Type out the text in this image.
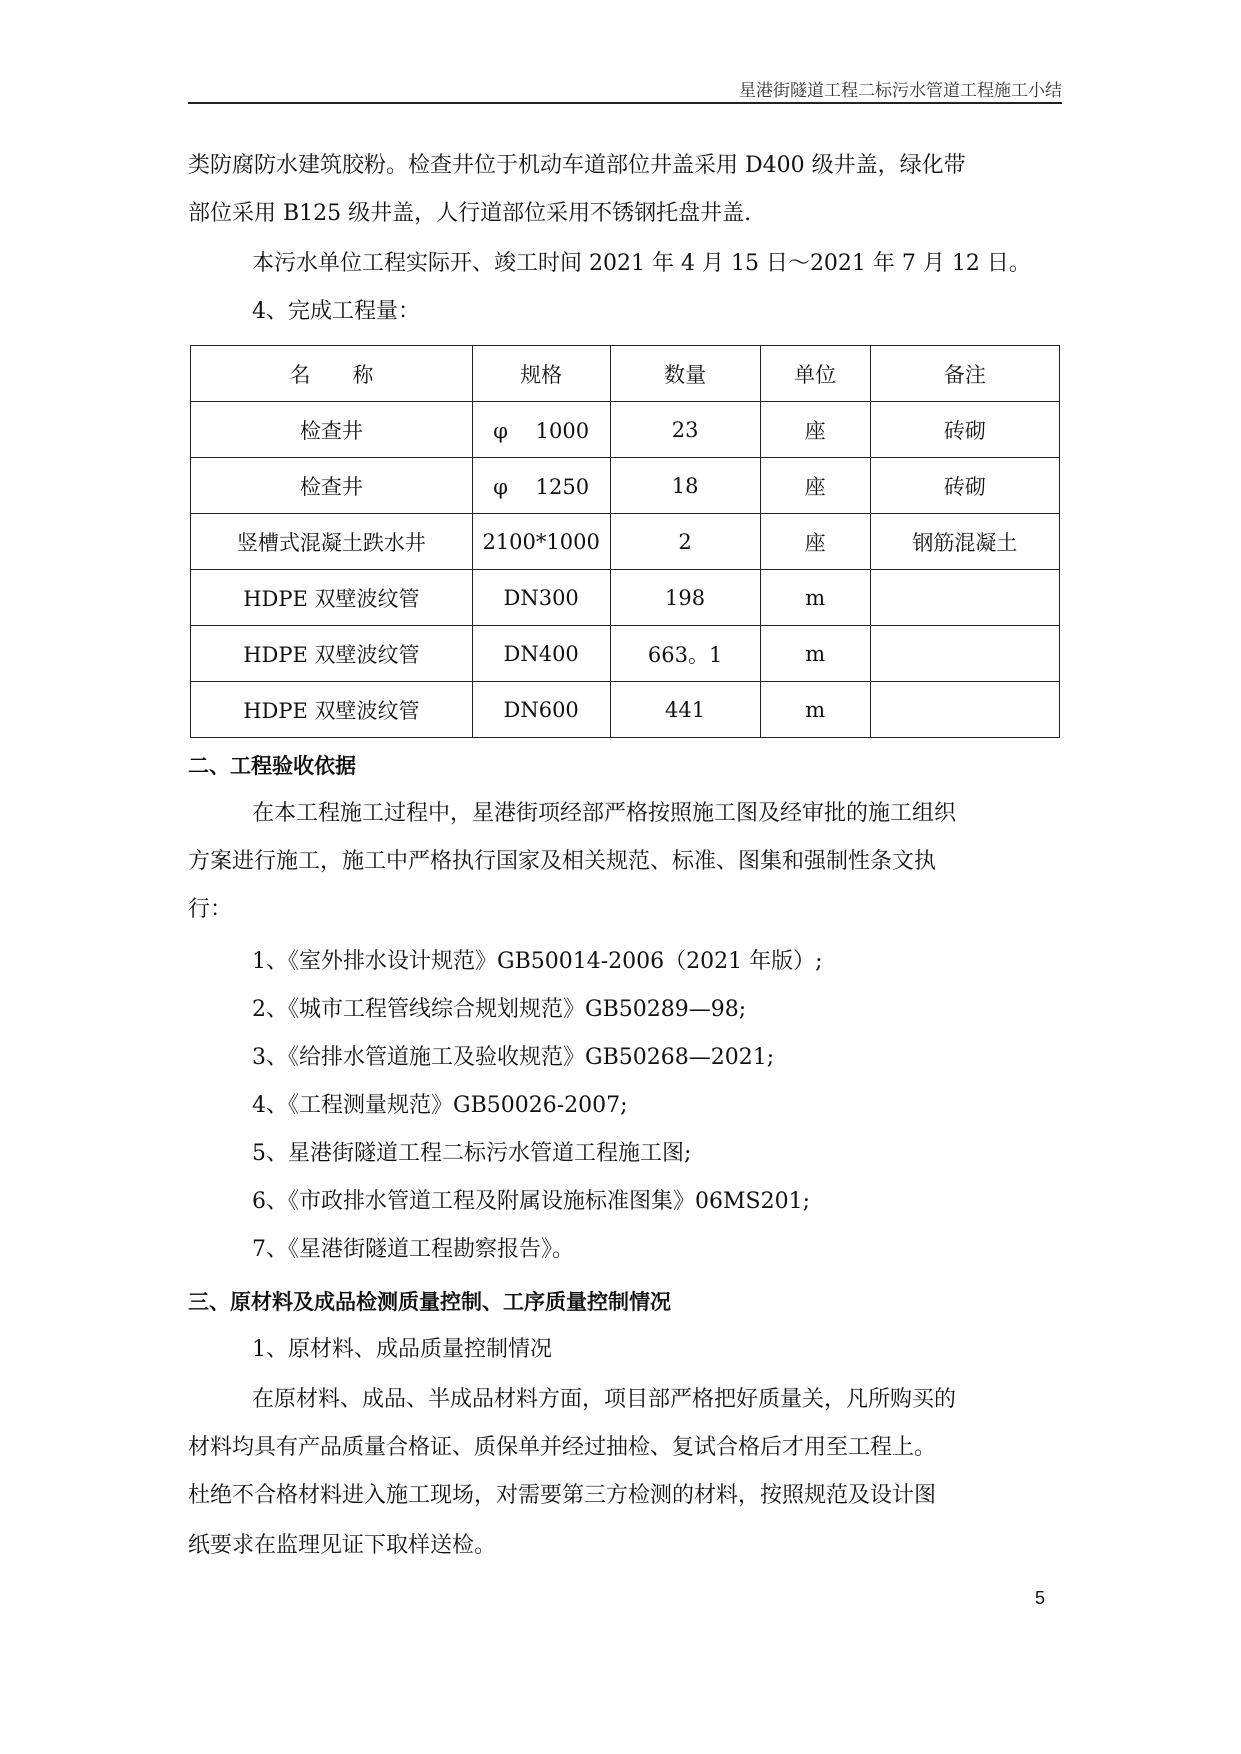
星港街隧道工程二标污水管道工程施工小结
类防腐防水建筑胶粉。检查井位于机动车道部位井盖采用 D400 级井盖，绿化带
部位采用 B125 级井盖，人行道部位采用不锈钢托盘井盖.
本污水单位工程实际开、竣工时间 2021 年 4 月 15 日～2021 年 7 月 12 日。
4、完成工程量：
名　　称	规格	数量	单位	备注
检查井	φ　 1000	23	座	砖砌
检查井	φ　 1250	18	座	砖砌
竖槽式混凝土跌水井	2100*1000	2	座	钢筋混凝土
HDPE 双壁波纹管	DN300	198	m	
HDPE 双壁波纹管	DN400	663。1	m	
HDPE 双壁波纹管	DN600	441	m	
二、工程验收依据
在本工程施工过程中，星港街项经部严格按照施工图及经审批的施工组织
方案进行施工，施工中严格执行国家及相关规范、标准、图集和强制性条文执
行：
1、《室外排水设计规范》GB50014-2006（2021 年版）;
2、《城市工程管线综合规划规范》GB50289—98;
3、《给排水管道施工及验收规范》GB50268—2021;
4、《工程测量规范》GB50026-2007;
5、星港街隧道工程二标污水管道工程施工图;
6、《市政排水管道工程及附属设施标准图集》06MS201;
7、《星港街隧道工程勘察报告》。
三、原材料及成品检测质量控制、工序质量控制情况
1、原材料、成品质量控制情况
在原材料、成品、半成品材料方面，项目部严格把好质量关，凡所购买的
材料均具有产品质量合格证、质保单并经过抽检、复试合格后才用至工程上。
杜绝不合格材料进入施工现场，对需要第三方检测的材料，按照规范及设计图
纸要求在监理见证下取样送检。
5
